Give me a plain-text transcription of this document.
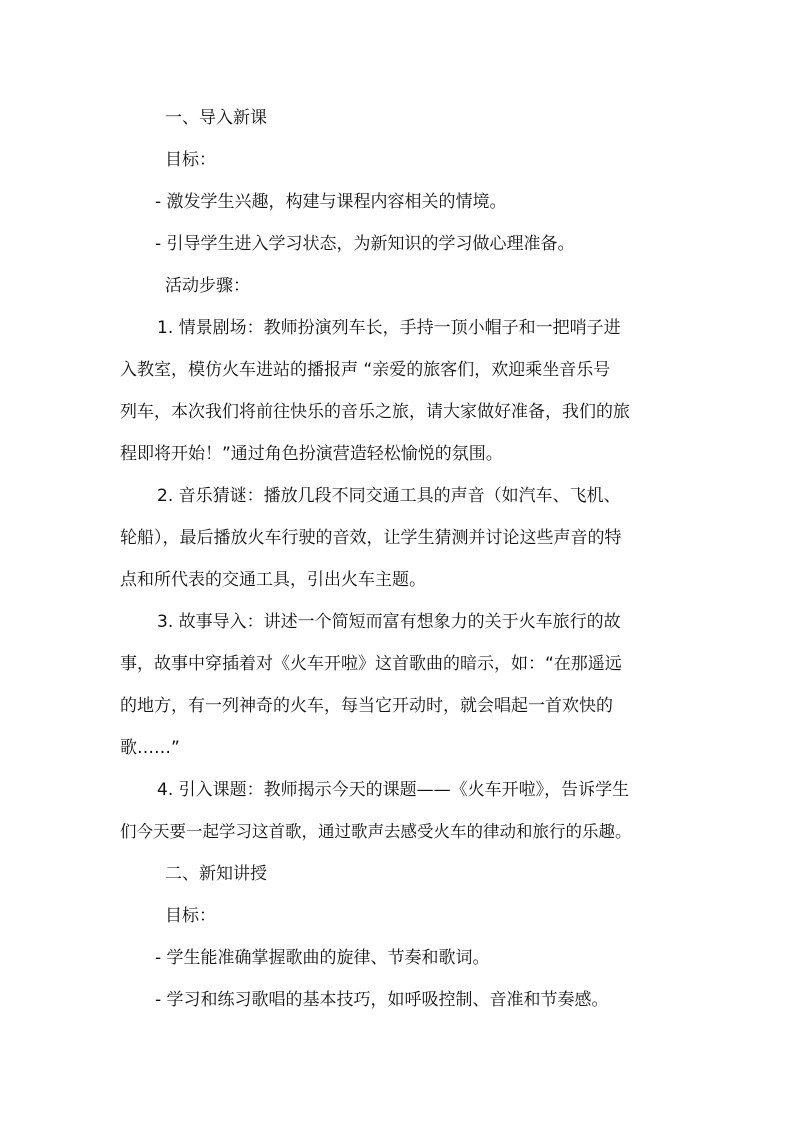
一、导入新课
目标：
- 激发学生兴趣，构建与课程内容相关的情境。
- 引导学生进入学习状态，为新知识的学习做心理准备。
活动步骤：
1. 情景剧场：教师扮演列车长，手持一顶小帽子和一把哨子进
入教室，模仿火车进站的播报声 “亲爱的旅客们，欢迎乘坐音乐号
列车，本次我们将前往快乐的音乐之旅，请大家做好准备，我们的旅
程即将开始！”通过角色扮演营造轻松愉悦的氛围。
2. 音乐猜谜：播放几段不同交通工具的声音（如汽车、飞机、
轮船），最后播放火车行驶的音效，让学生猜测并讨论这些声音的特
点和所代表的交通工具，引出火车主题。
3. 故事导入：讲述一个简短而富有想象力的关于火车旅行的故
事，故事中穿插着对《火车开啦》这首歌曲的暗示，如：“在那遥远
的地方，有一列神奇的火车，每当它开动时，就会唱起一首欢快的
歌……”
4. 引入课题：教师揭示今天的课题——《火车开啦》，告诉学生
们今天要一起学习这首歌，通过歌声去感受火车的律动和旅行的乐趣。
二、新知讲授
目标：
- 学生能准确掌握歌曲的旋律、节奏和歌词。
- 学习和练习歌唱的基本技巧，如呼吸控制、音准和节奏感。
